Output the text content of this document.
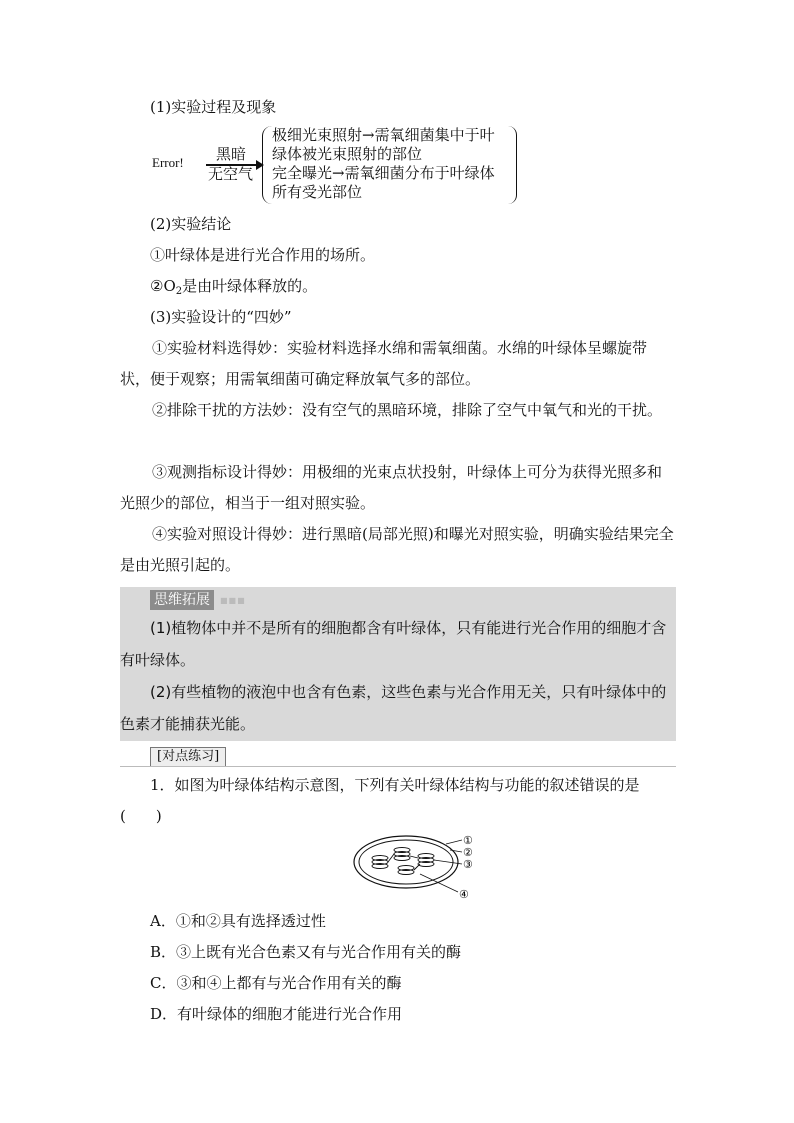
(1)实验过程及现象
Error! 黑暗
无空气
极细光束照射→需氧细菌集中于叶
绿体被光束照射的部位
完全曝光→需氧细菌分布于叶绿体
所有受光部位
(2)实验结论
①叶绿体是进行光合作用的场所。
$②O_2$是由叶绿体释放的。
(3)实验设计的“四妙”
①实验材料选得妙：实验材料选择水绵和需氧细菌。水绵的叶绿体呈螺旋带状，便于观察；用需氧细菌可确定释放氧气多的部位。
②排除干扰的方法妙：没有空气的黑暗环境，排除了空气中氧气和光的干扰。
③观测指标设计得妙：用极细的光束点状投射，叶绿体上可分为获得光照多和光照少的部位，相当于一组对照实验。
④实验对照设计得妙：进行黑暗(局部光照)和曝光对照实验，明确实验结果完全是由光照引起的。
思维拓展	■■■
(1)植物体中并不是所有的细胞都含有叶绿体，只有能进行光合作用的细胞才含有叶绿体。
(2)有些植物的液泡中也含有色素，这些色素与光合作用无关，只有叶绿体中的色素才能捕获光能。
[对点练习]
1．如图为叶绿体结构示意图，下列有关叶绿体结构与功能的叙述错误的是
(　　)
①
②
③
④
A．①和②具有选择透过性
B．③上既有光合色素又有与光合作用有关的酶
C．③和④上都有与光合作用有关的酶
D．有叶绿体的细胞才能进行光合作用
